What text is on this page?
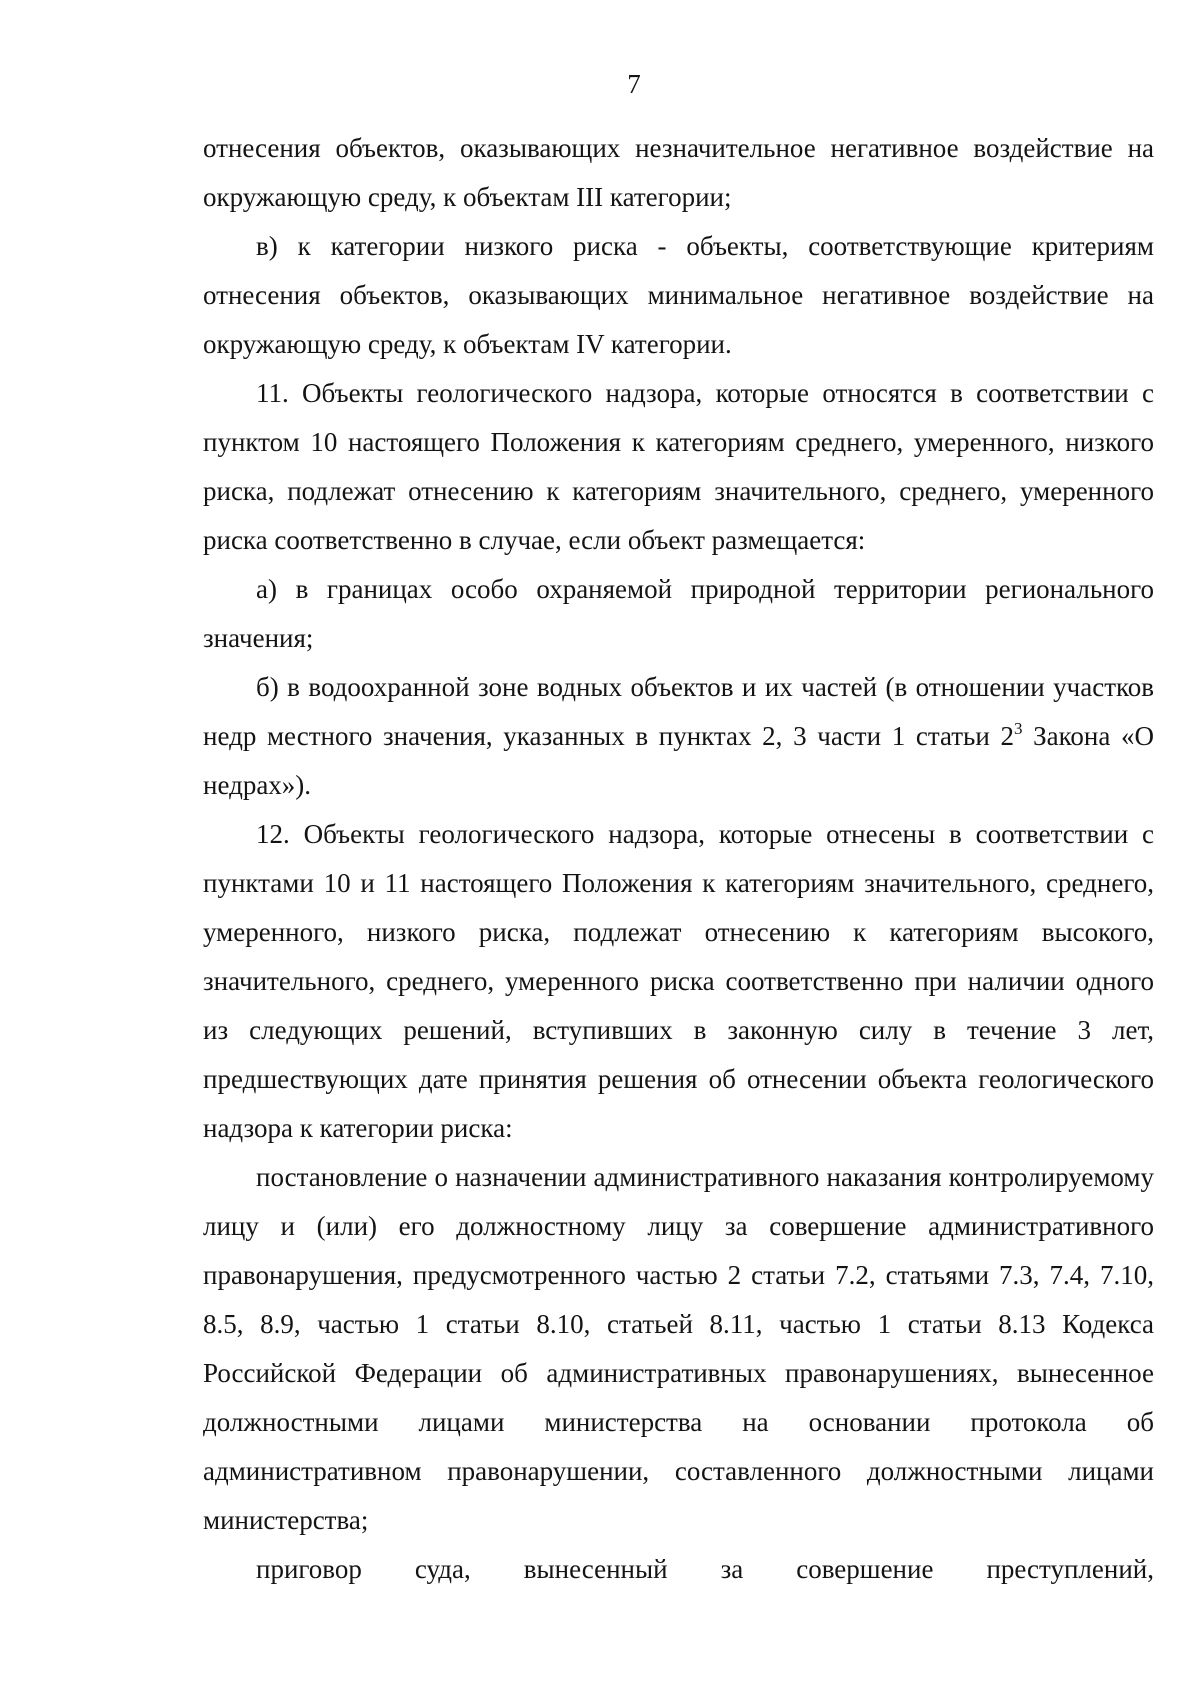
7

отнесения объектов, оказывающих незначительное негативное воздействие на окружающую среду, к объектам III категории;

в) к категории низкого риска - объекты, соответствующие критериям отнесения объектов, оказывающих минимальное негативное воздействие на окружающую среду, к объектам IV категории.

11. Объекты геологического надзора, которые относятся в соответствии с пунктом 10 настоящего Положения к категориям среднего, умеренного, низкого риска, подлежат отнесению к категориям значительного, среднего, умеренного риска соответственно в случае, если объект размещается:

а) в границах особо охраняемой природной территории регионального значения;

б) в водоохранной зоне водных объектов и их частей (в отношении участков недр местного значения, указанных в пунктах 2, 3 части 1 статьи $2^3$ Закона «О недрах»).

12. Объекты геологического надзора, которые отнесены в соответствии с пунктами 10 и 11 настоящего Положения к категориям значительного, среднего, умеренного, низкого риска, подлежат отнесению к категориям высокого, значительного, среднего, умеренного риска соответственно при наличии одного из следующих решений, вступивших в законную силу в течение 3 лет, предшествующих дате принятия решения об отнесении объекта геологического надзора к категории риска:

постановление о назначении административного наказания контролируемому лицу и (или) его должностному лицу за совершение административного правонарушения, предусмотренного частью 2 статьи 7.2, статьями 7.3, 7.4, 7.10, 8.5, 8.9, частью 1 статьи 8.10, статьей 8.11, частью 1 статьи 8.13 Кодекса Российской Федерации об административных правонарушениях, вынесенное должностными лицами министерства на основании протокола об административном правонарушении, составленного должностными лицами министерства;

приговор суда, вынесенный за совершение преступлений,
